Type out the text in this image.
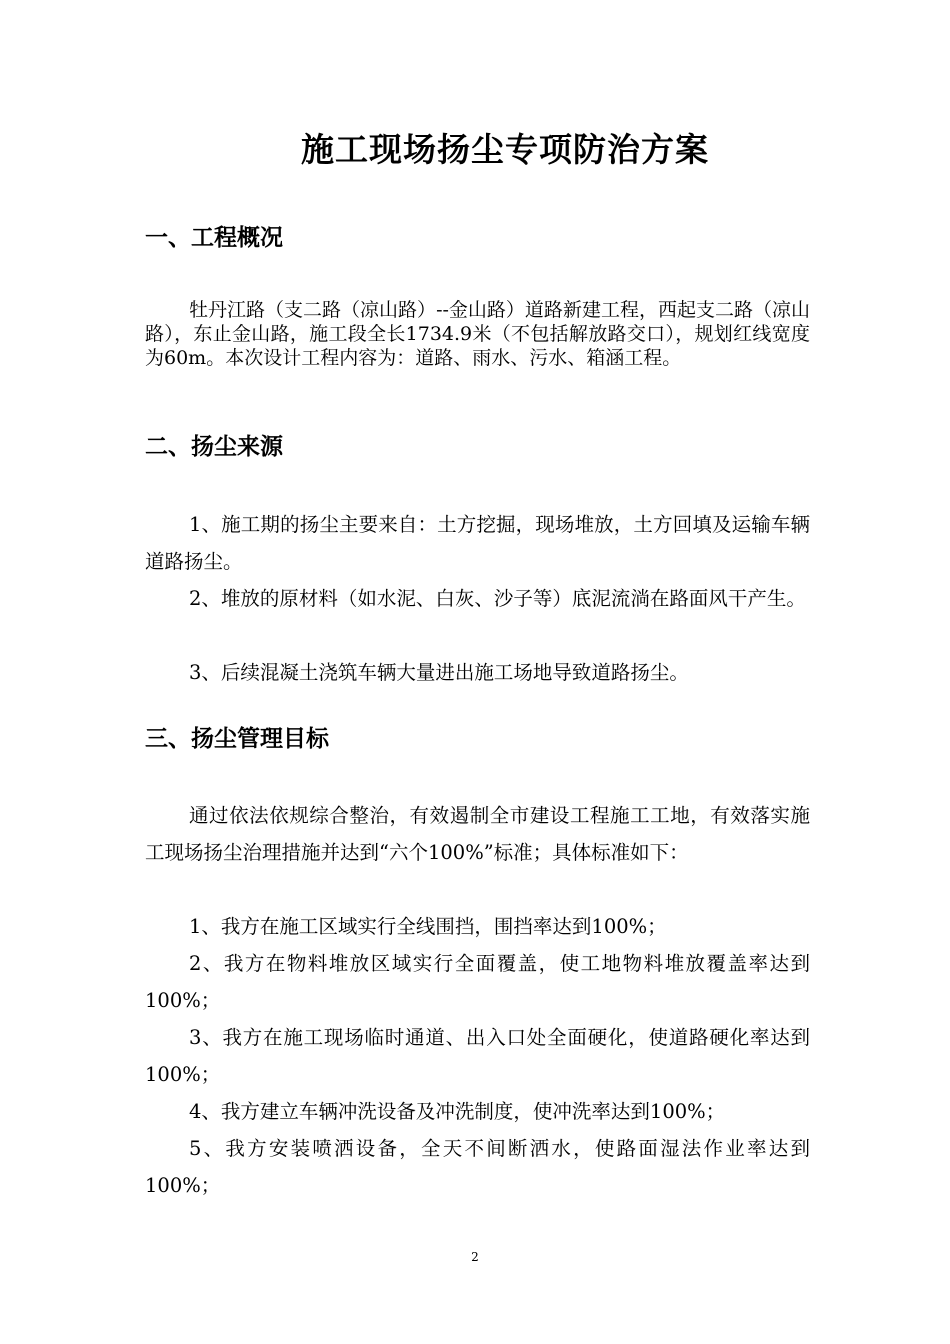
施工现场扬尘专项防治方案
一、工程概况
牡丹江路（支二路（凉山路）--金山路）道路新建工程，西起支二路（凉山路），东止金山路，施工段全长1734.9米（不包括解放路交口），规划红线宽度为60m。本次设计工程内容为：道路、雨水、污水、箱涵工程。
二、扬尘来源
1、施工期的扬尘主要来自：土方挖掘，现场堆放，土方回填及运输车辆道路扬尘。
2、堆放的原材料（如水泥、白灰、沙子等）底泥流淌在路面风干产生。
3、后续混凝土浇筑车辆大量进出施工场地导致道路扬尘。
三、扬尘管理目标
通过依法依规综合整治，有效遏制全市建设工程施工工地，有效落实施工现场扬尘治理措施并达到“六个100%”标准；具体标准如下：
1、我方在施工区域实行全线围挡，围挡率达到100%；
2、我方在物料堆放区域实行全面覆盖，使工地物料堆放覆盖率达到100%；
3、我方在施工现场临时通道、出入口处全面硬化，使道路硬化率达到100%；
4、我方建立车辆冲洗设备及冲洗制度，使冲洗率达到100%；
5、我方安装喷洒设备，全天不间断洒水，使路面湿法作业率达到100%；
2
